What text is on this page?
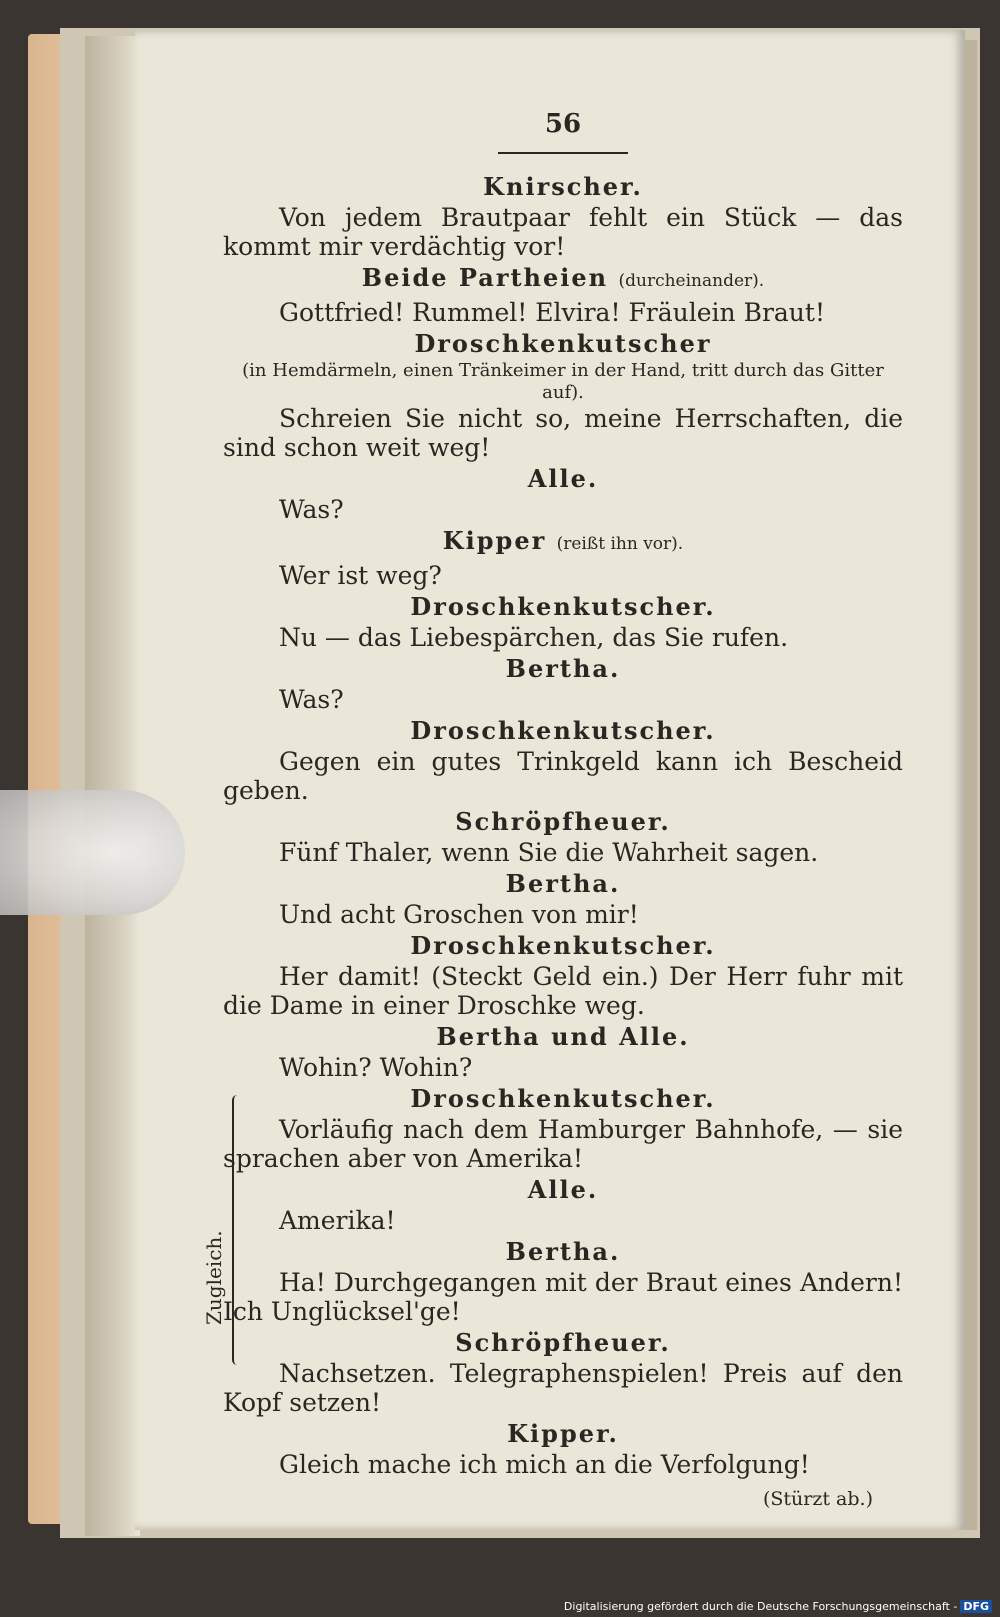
56
Knirscher.
Von jedem Brautpaar fehlt ein Stück — das kommt mir verdächtig vor!
Beide Partheien (durcheinander).
Gottfried! Rummel! Elvira! Fräulein Braut!
Droschkenkutscher
(in Hemdärmeln, einen Tränkeimer in der Hand, tritt durch das Gitter auf).
Schreien Sie nicht so, meine Herrschaften, die sind schon weit weg!
Alle.
Was?
Kipper (reißt ihn vor).
Wer ist weg?
Droschkenkutscher.
Nu — das Liebespärchen, das Sie rufen.
Bertha.
Was?
Droschkenkutscher.
Gegen ein gutes Trinkgeld kann ich Bescheid geben.
Schröpfheuer.
Fünf Thaler, wenn Sie die Wahrheit sagen.
Bertha.
Und acht Groschen von mir!
Droschkenkutscher.
Her damit! (Steckt Geld ein.) Der Herr fuhr mit die Dame in einer Droschke weg.
Bertha und Alle.
Wohin? Wohin?
Droschkenkutscher.
Vorläufig nach dem Hamburger Bahnhofe, — sie sprachen aber von Amerika!
Alle.
Amerika!
Bertha.
Ha! Durchgegangen mit der Braut eines Andern! Ich Unglücksel'ge!
Schröpfheuer.
Nachsetzen. Telegraphenspielen! Preis auf den Kopf setzen!
Kipper.
Gleich mache ich mich an die Verfolgung!
(Stürzt ab.)
Zugleich.
Digitalisierung gefördert durch die Deutsche Forschungsgemeinschaft - DFG
